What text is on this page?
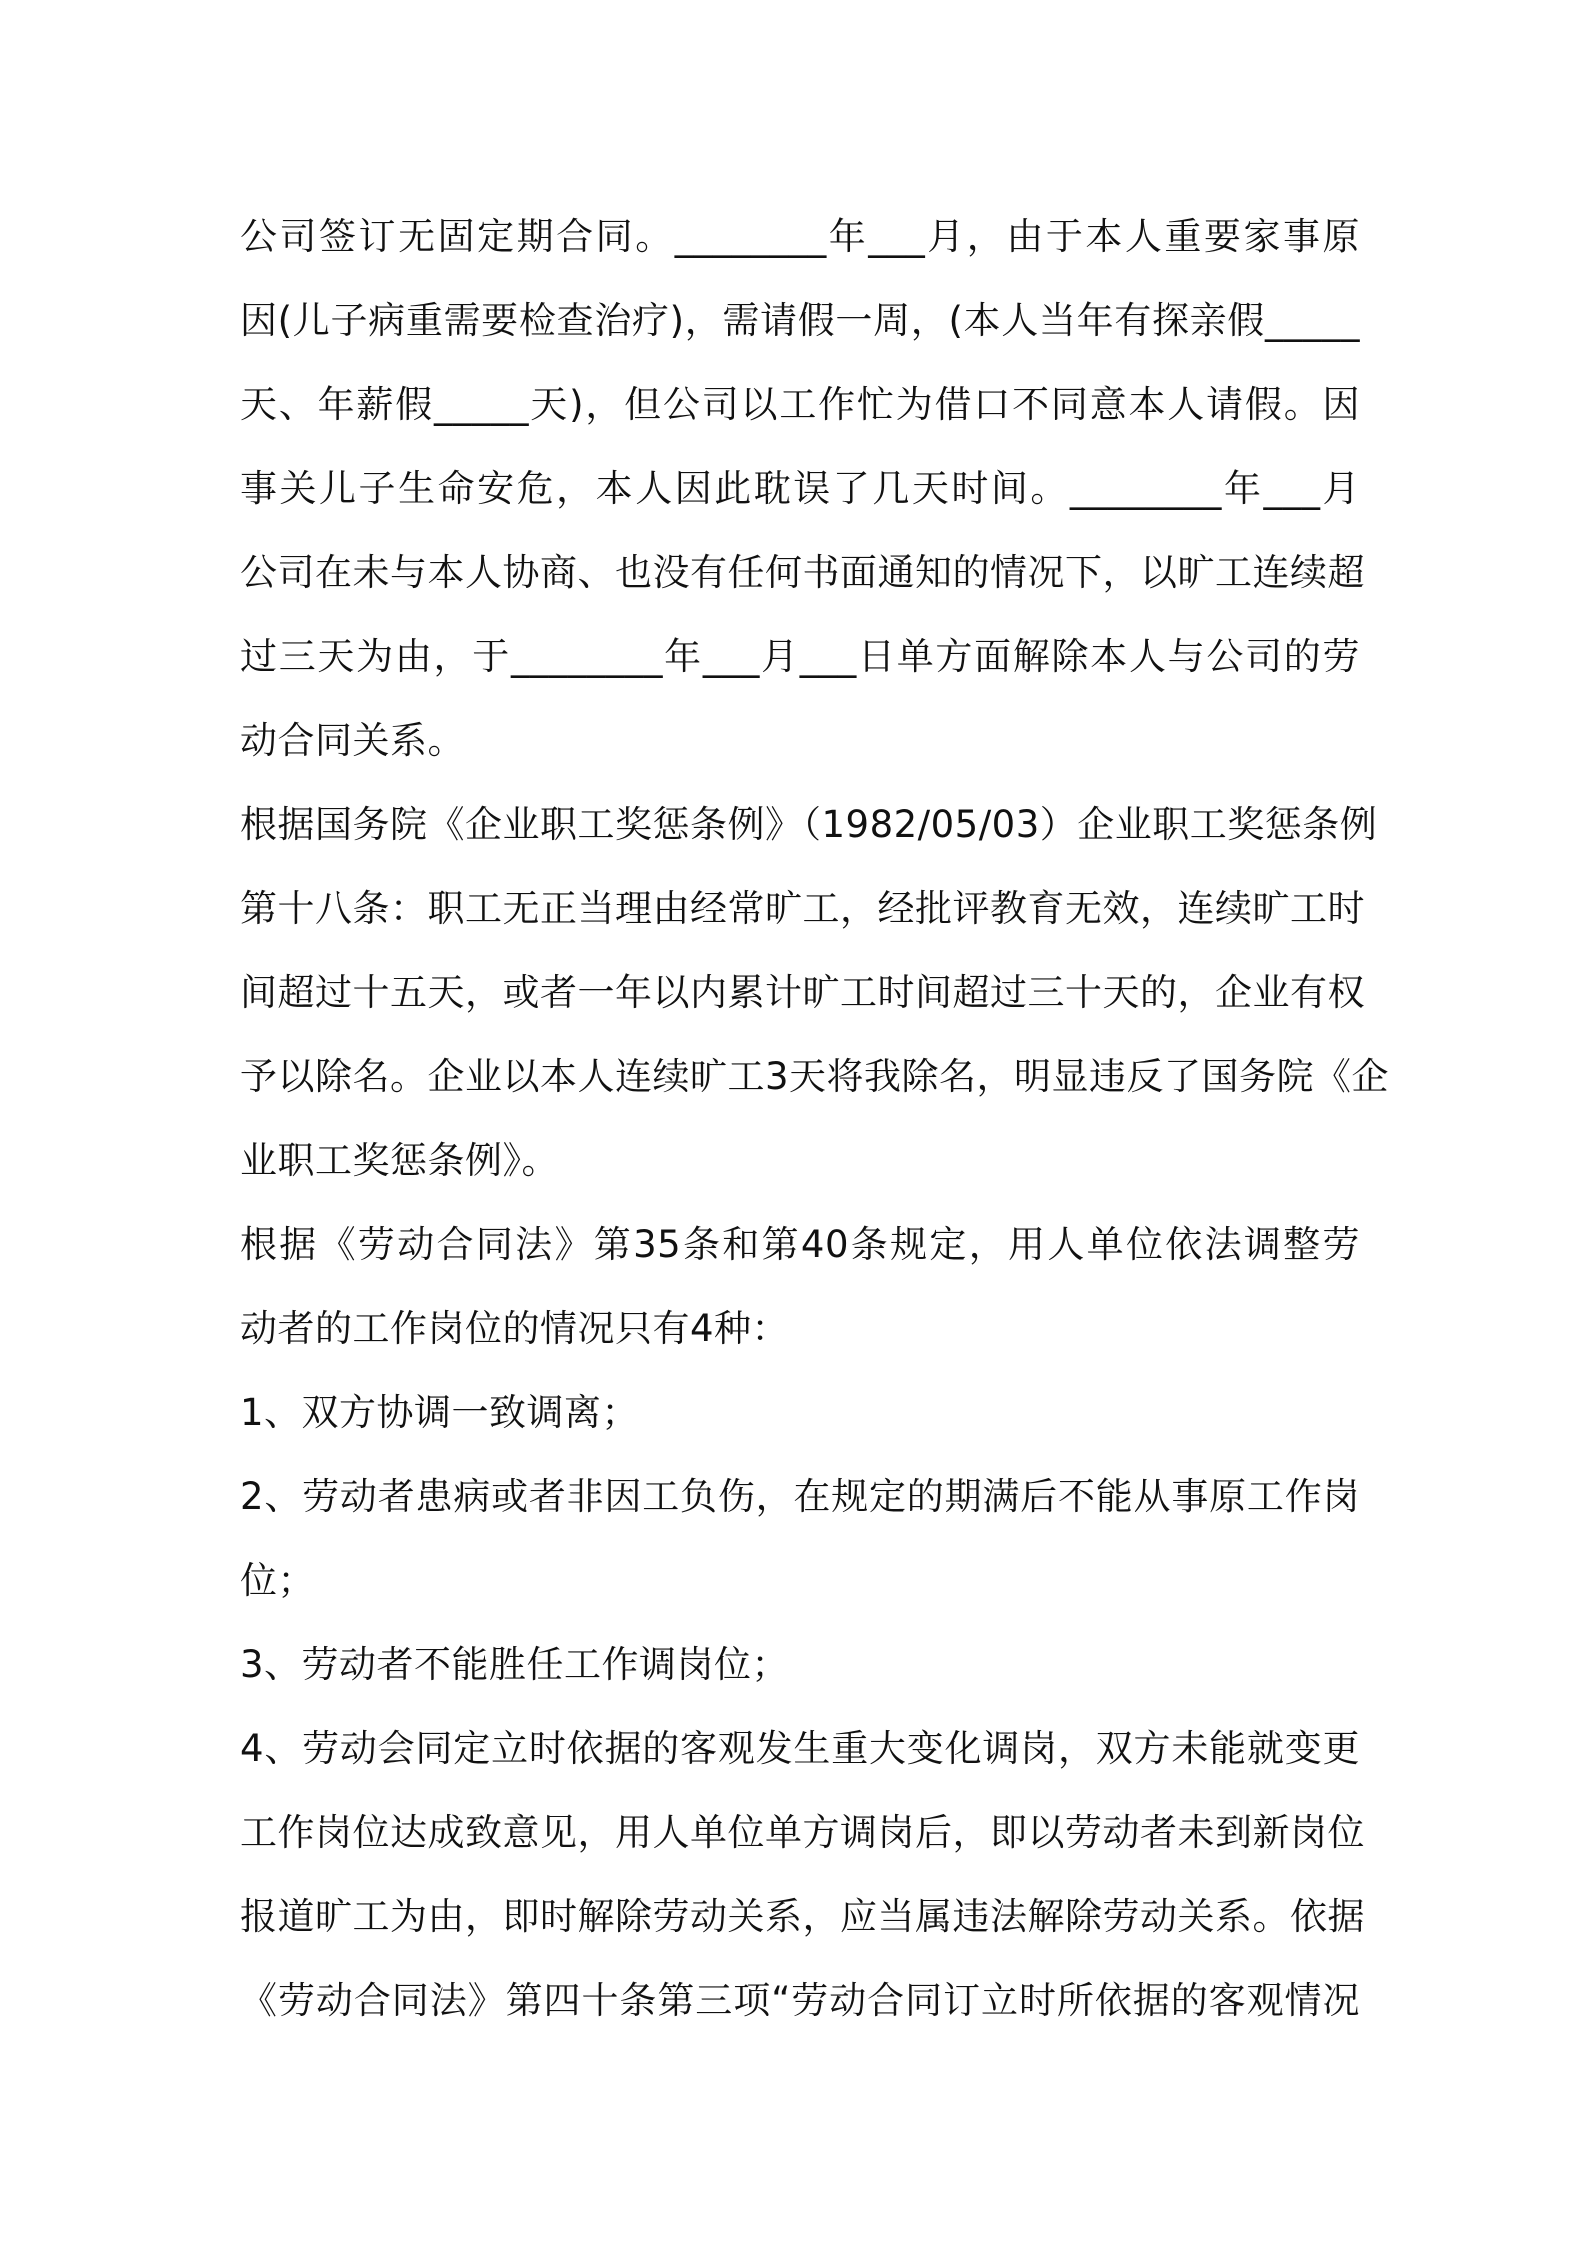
公司签订无固定期合同。________年___月，由于本人重要家事原
因(儿子病重需要检查治疗)，需请假一周，(本人当年有探亲假_____
天、年薪假_____天)，但公司以工作忙为借口不同意本人请假。因
事关儿子生命安危，本人因此耽误了几天时间。________年___月
公司在未与本人协商、也没有任何书面通知的情况下，以旷工连续超
过三天为由，于________年___月___日单方面解除本人与公司的劳
动合同关系。
根据国务院《企业职工奖惩条例》（1982/05/03）企业职工奖惩条例
第十八条：职工无正当理由经常旷工，经批评教育无效，连续旷工时
间超过十五天，或者一年以内累计旷工时间超过三十天的，企业有权
予以除名。企业以本人连续旷工3天将我除名，明显违反了国务院《企
业职工奖惩条例》。
根据《劳动合同法》第35条和第40条规定，用人单位依法调整劳
动者的工作岗位的情况只有4种：
1、双方协调一致调离；
2、劳动者患病或者非因工负伤，在规定的期满后不能从事原工作岗
位；
3、劳动者不能胜任工作调岗位；
4、劳动会同定立时依据的客观发生重大变化调岗，双方未能就变更
工作岗位达成致意见，用人单位单方调岗后，即以劳动者未到新岗位
报道旷工为由，即时解除劳动关系，应当属违法解除劳动关系。依据
《劳动合同法》第四十条第三项“劳动合同订立时所依据的客观情况
